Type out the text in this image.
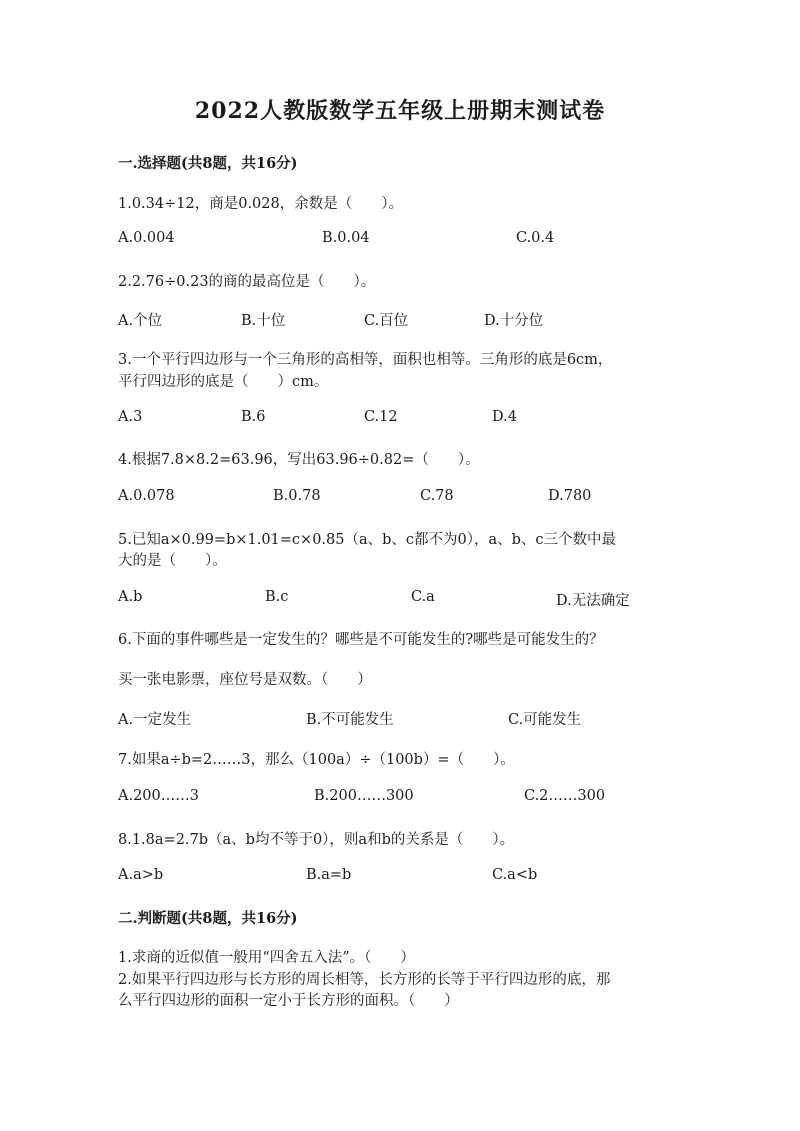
2022人教版数学五年级上册期末测试卷
一.选择题(共8题，共16分)
1.0.34÷12，商是0.028，余数是（　　）。
A.0.004	B.0.04	C.0.4
2.2.76÷0.23的商的最高位是（　　）。
A.个位	B.十位	C.百位	D.十分位
3.一个平行四边形与一个三角形的高相等，面积也相等。三角形的底是6cm，
平行四边形的底是（　　）cm。
A.3	B.6	C.12	D.4
4.根据7.8×8.2=63.96，写出63.96÷0.82=（　　）。
A.0.078	B.0.78	C.78	D.780
5.已知a×0.99=b×1.01=c×0.85（a、b、c都不为0），a、b、c三个数中最
大的是（　　）。
A.b	B.c	C.a	D.无法确定
6.下面的事件哪些是一定发生的？哪些是不可能发生的?哪些是可能发生的？
买一张电影票，座位号是双数。（　　）
A.一定发生	B.不可能发生	C.可能发生
7.如果a÷b=2……3，那么（100a）÷（100b）=（　　）。
A.200……3	B.200……300	C.2……300
8.1.8a=2.7b（a、b均不等于0），则a和b的关系是（　　）。
A.a>b	B.a=b	C.a<b
二.判断题(共8题，共16分)
1.求商的近似值一般用“四舍五入法”。（　　）
2.如果平行四边形与长方形的周长相等，长方形的长等于平行四边形的底，那
么平行四边形的面积一定小于长方形的面积。（　　）
